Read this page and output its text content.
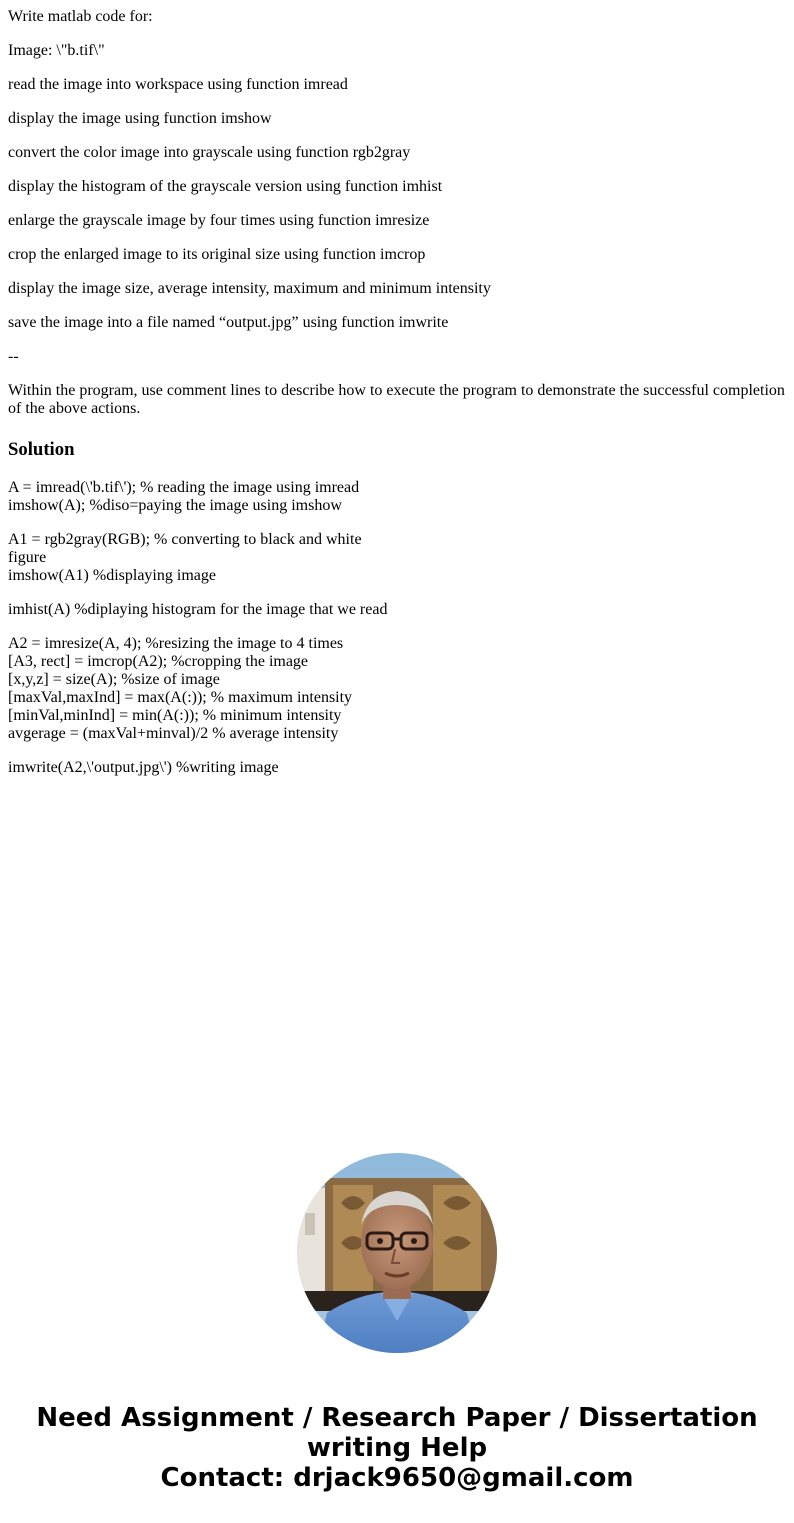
Write matlab code for:

Image: \"b.tif\"

read the image into workspace using function imread

display the image using function imshow

convert the color image into grayscale using function rgb2gray

display the histogram of the grayscale version using function imhist

enlarge the grayscale image by four times using function imresize

crop the enlarged image to its original size using function imcrop

display the image size, average intensity, maximum and minimum intensity

save the image into a file named “output.jpg” using function imwrite

--

Within the program, use comment lines to describe how to execute the program to demonstrate the successful completion of the above actions.

Solution
A = imread(\'b.tif\'); % reading the image using imread
imshow(A); %diso=paying the image using imshow
A1 = rgb2gray(RGB); % converting to black and white
figure
imshow(A1) %displaying image
imhist(A) %diplaying histogram for the image that we read
A2 = imresize(A, 4); %resizing the image to 4 times
[A3, rect] = imcrop(A2); %cropping the image
[x,y,z] = size(A); %size of image
[maxVal,maxInd] = max(A(:)); % maximum intensity
[minVal,minInd] = min(A(:)); % minimum intensity
avgerage = (maxVal+minval)/2 % average intensity
imwrite(A2,\'output.jpg\') %writing image
Need Assignment / Research Paper / Dissertation
writing Help
Contact: drjack9650@gmail.com
